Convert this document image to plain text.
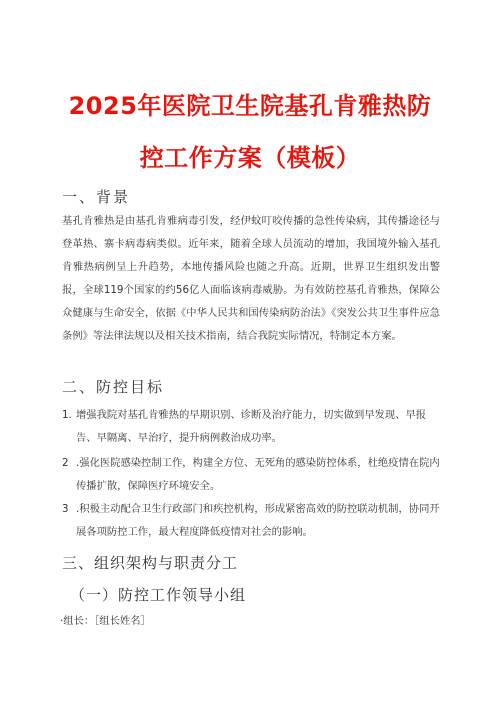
2025年医院卫生院基孔肯雅热防
控工作方案（模板）
一、背景
基孔肯雅热是由基孔肯雅病毒引发，经伊蚊叮咬传播的急性传染病，其传播途径与登革热、寨卡病毒病类似。近年来，随着全球人员流动的增加，我国境外输入基孔肯雅热病例呈上升趋势，本地传播风险也随之升高。近期，世界卫生组织发出警报，全球119个国家的约56亿人面临该病毒威胁。为有效防控基孔肯雅热，保障公众健康与生命安全，依据《中华人民共和国传染病防治法》《突发公共卫生事件应急条例》等法律法规以及相关技术指南，结合我院实际情况，特制定本方案。
二、防控目标
1. 增强我院对基孔肯雅热的早期识别、诊断及治疗能力，切实做到早发现、早报告、早隔离、早治疗，提升病例救治成功率。
2 .强化医院感染控制工作，构建全方位、无死角的感染防控体系，杜绝疫情在院内传播扩散，保障医疗环境安全。
3 .积极主动配合卫生行政部门和疾控机构，形成紧密高效的防控联动机制，协同开展各项防控工作，最大程度降低疫情对社会的影响。
三、组织架构与职责分工
（一）防控工作领导小组
·组长：［组长姓名］
